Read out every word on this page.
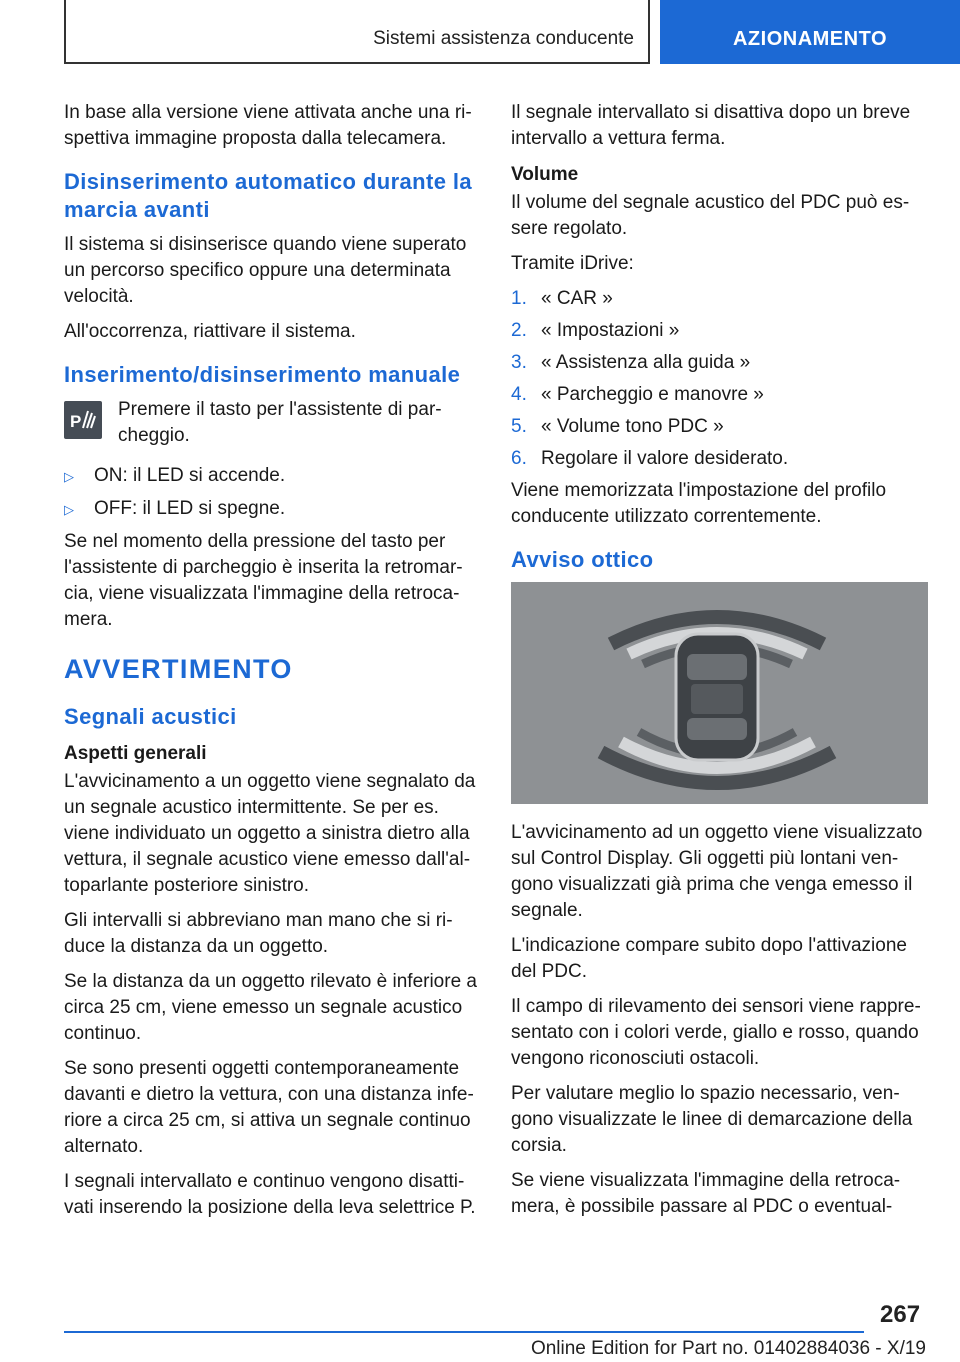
Sistemi assistenza conducente	AZIONAMENTO

In base alla versione viene attivata anche una rispettiva immagine proposta dalla telecamera.

Disinserimento automatico durante la marcia avanti

Il sistema si disinserisce quando viene superato un percorso specifico oppure una determinata velocità.

All'occorrenza, riattivare il sistema.

Inserimento/disinserimento manuale
P

Premere il tasto per l'assistente di parcheggio.

▷ ON: il LED si accende.
▷ OFF: il LED si spegne.

Se nel momento della pressione del tasto per l'assistente di parcheggio è inserita la retromarcia, viene visualizzata l'immagine della retrocamera.

AVVERTIMENTO
Segnali acustici
Aspetti generali

L'avvicinamento a un oggetto viene segnalato da un segnale acustico intermittente. Se per es. viene individuato un oggetto a sinistra dietro alla vettura, il segnale acustico viene emesso dall'altoparlante posteriore sinistro.

Gli intervalli si abbreviano man mano che si riduce la distanza da un oggetto.

Se la distanza da un oggetto rilevato è inferiore a circa 25 cm, viene emesso un segnale acustico continuo.

Se sono presenti oggetti contemporaneamente davanti e dietro la vettura, con una distanza inferiore a circa 25 cm, si attiva un segnale continuo alternato.

I segnali intervallato e continuo vengono disattivati inserendo la posizione della leva selettrice P.

Il segnale intervallato si disattiva dopo un breve intervallo a vettura ferma.

Volume

Il volume del segnale acustico del PDC può essere regolato.

Tramite iDrive:

1. « CAR »
2. « Impostazioni »
3. « Assistenza alla guida »
4. « Parcheggio e manovre »
5. « Volume tono PDC »
6. Regolare il valore desiderato.

Viene memorizzata l'impostazione del profilo conducente utilizzato correntemente.

Avviso ottico

L'avvicinamento ad un oggetto viene visualizzato sul Control Display. Gli oggetti più lontani vengono visualizzati già prima che venga emesso il segnale.

L'indicazione compare subito dopo l'attivazione del PDC.

Il campo di rilevamento dei sensori viene rappresentato con i colori verde, giallo e rosso, quando vengono riconosciuti ostacoli.

Per valutare meglio lo spazio necessario, vengono visualizzate le linee di demarcazione della corsia.

Se viene visualizzata l'immagine della retrocamera, è possibile passare al PDC o eventual-

267
Online Edition for Part no. 01402884036 - X/19
